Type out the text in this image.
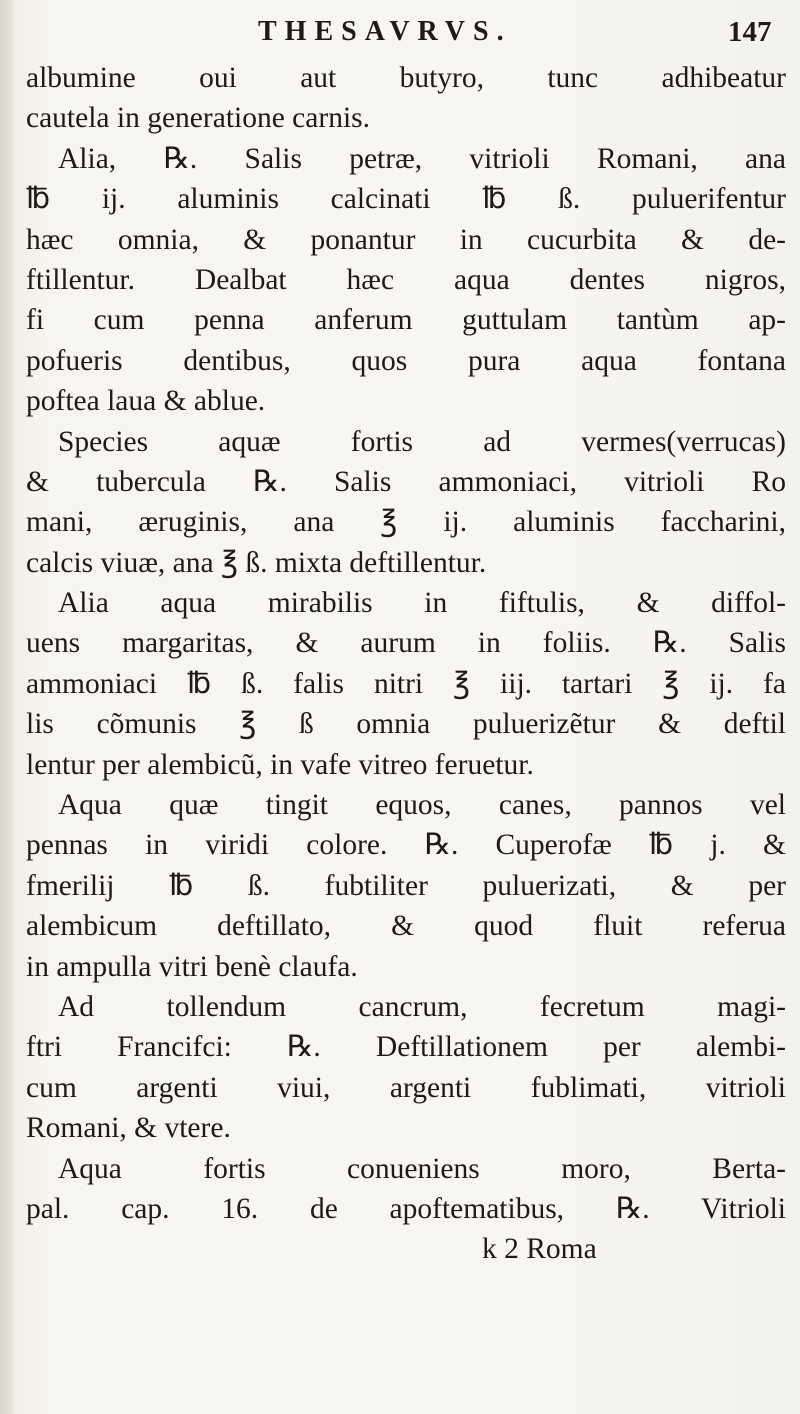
THESAVRVS.	147
albumine oui aut butyro, tunc adhibeatur
cautela in generatione carnis.
Alia, ℞. Salis petræ, vitrioli Romani, ana
℔ ij. aluminis calcinati ℔ ß. puluerifentur
hæc omnia, & ponantur in cucurbita & de-
ftillentur. Dealbat hæc aqua dentes nigros,
fi cum penna anferum guttulam tantùm ap-
pofueris dentibus, quos pura aqua fontana
poftea laua & ablue.
Species aquæ fortis ad vermes(verrucas)
& tubercula ℞. Salis ammoniaci, vitrioli Ro
mani, æruginis, ana ℥ ij. aluminis faccharini,
calcis viuæ, ana ℥ ß. mixta deftillentur.
Alia aqua mirabilis in fiftulis, & diffol-
uens margaritas, & aurum in foliis. ℞. Salis
ammoniaci ℔ ß. falis nitri ℥ iij. tartari ℥ ij. fa
lis cõmunis ℥ ß omnia puluerizẽtur & deftil
lentur per alembicũ, in vafe vitreo feruetur.
Aqua quæ tingit equos, canes, pannos vel
pennas in viridi colore. ℞. Cuperofæ ℔ j. &
fmerilij ℔ ß. fubtiliter puluerizati, & per
alembicum deftillato, & quod fluit referua
in ampulla vitri benè claufa.
Ad tollendum cancrum, fecretum magi-
ftri Francifci: ℞. Deftillationem per alembi-
cum argenti viui, argenti fublimati, vitrioli
Romani, & vtere.
Aqua fortis conueniens moro, Berta-
pal. cap. 16. de apoftematibus, ℞. Vitrioli
k 2 Roma
